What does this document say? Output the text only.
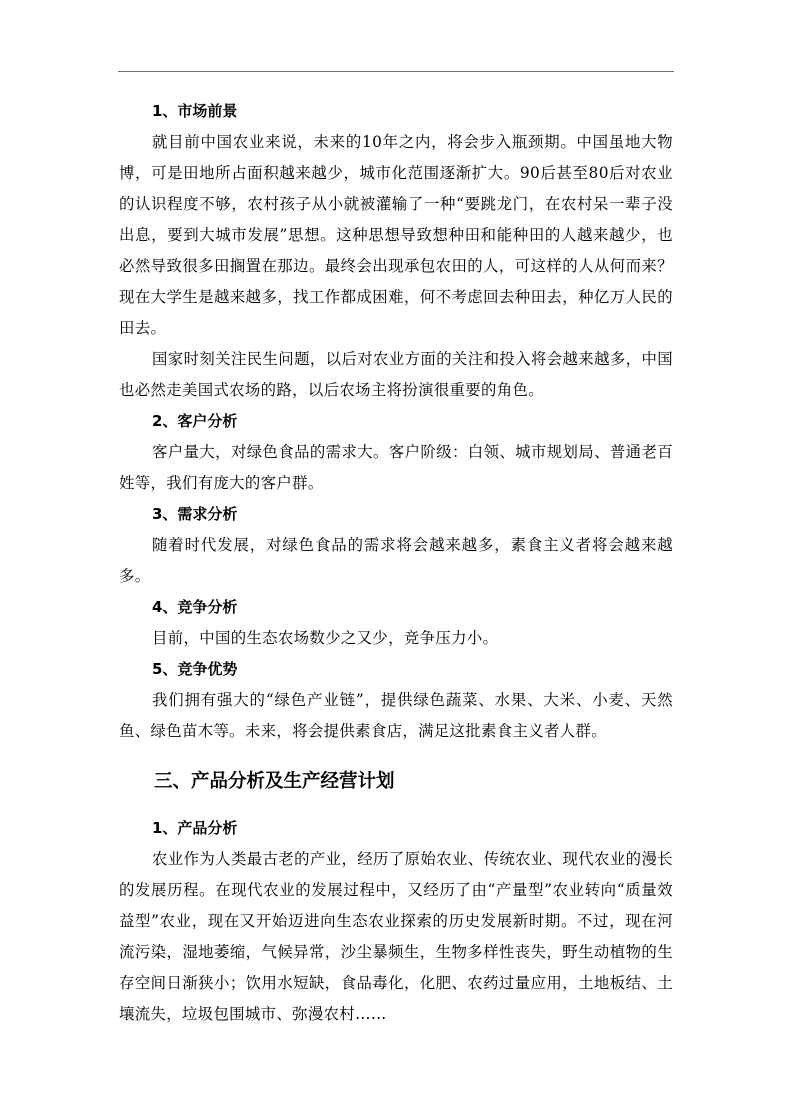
1、市场前景

就目前中国农业来说，未来的10年之内，将会步入瓶颈期。中国虽地大物博，可是田地所占面积越来越少，城市化范围逐渐扩大。90后甚至80后对农业的认识程度不够，农村孩子从小就被灌输了一种“要跳龙门，在农村呆一辈子没出息，要到大城市发展”思想。这种思想导致想种田和能种田的人越来越少，也必然导致很多田搁置在那边。最终会出现承包农田的人，可这样的人从何而来？现在大学生是越来越多，找工作都成困难，何不考虑回去种田去，种亿万人民的田去。

国家时刻关注民生问题，以后对农业方面的关注和投入将会越来越多，中国也必然走美国式农场的路，以后农场主将扮演很重要的角色。

2、客户分析

客户量大，对绿色食品的需求大。客户阶级：白领、城市规划局、普通老百姓等，我们有庞大的客户群。

3、需求分析

随着时代发展，对绿色食品的需求将会越来越多，素食主义者将会越来越多。

4、竞争分析

目前，中国的生态农场数少之又少，竞争压力小。

5、竞争优势

我们拥有强大的“绿色产业链”，提供绿色蔬菜、水果、大米、小麦、天然鱼、绿色苗木等。未来，将会提供素食店，满足这批素食主义者人群。

三、产品分析及生产经营计划
1、产品分析

农业作为人类最古老的产业，经历了原始农业、传统农业、现代农业的漫长的发展历程。在现代农业的发展过程中，又经历了由“产量型”农业转向“质量效益型”农业，现在又开始迈进向生态农业探索的历史发展新时期。不过，现在河流污染，湿地萎缩，气候异常，沙尘暴频生，生物多样性丧失，野生动植物的生存空间日渐狭小；饮用水短缺，食品毒化，化肥、农药过量应用，土地板结、土壤流失，垃圾包围城市、弥漫农村……
